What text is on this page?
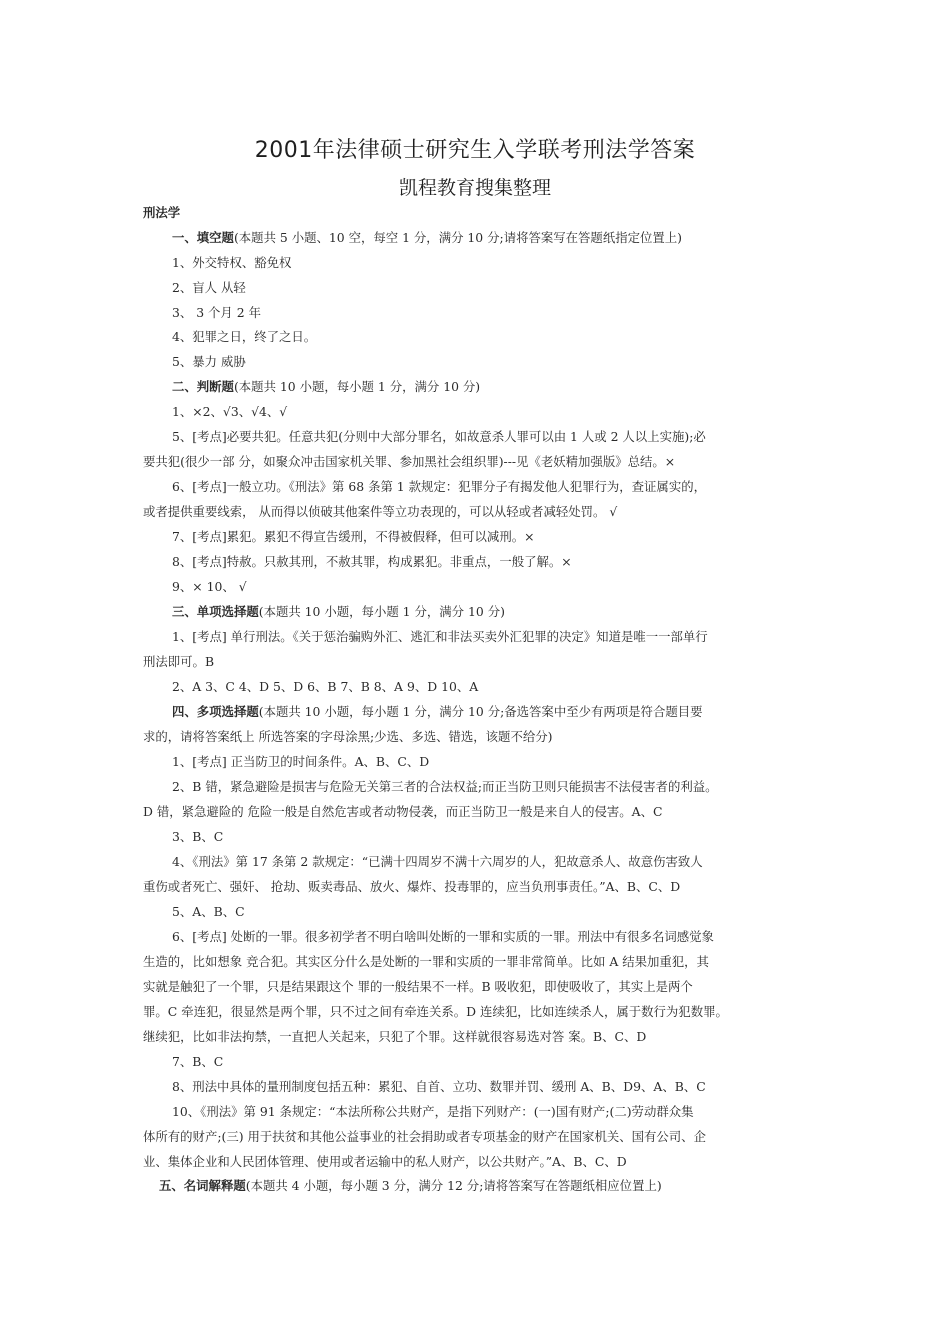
2001年法律硕士研究生入学联考刑法学答案
凯程教育搜集整理
刑法学
一、填空题(本题共 5 小题、10 空，每空 1 分，满分 10 分;请将答案写在答题纸指定位置上)
1、外交特权、豁免权
2、盲人 从轻
3、 3 个月 2 年
4、犯罪之日，终了之日。
5、暴力 威胁
二、判断题(本题共 10 小题，每小题 1 分，满分 10 分)
1、×2、√3、√4、√
5、[考点]必要共犯。任意共犯(分则中大部分罪名，如故意杀人罪可以由 1 人或 2 人以上实施);必
要共犯(很少一部 分，如聚众冲击国家机关罪、参加黑社会组织罪)---见《老妖精加强版》总结。×
6、[考点]一般立功。《刑法》第 68 条第 1 款规定：犯罪分子有揭发他人犯罪行为，查证属实的，
或者提供重要线索， 从而得以侦破其他案件等立功表现的，可以从轻或者减轻处罚。 √
7、[考点]累犯。累犯不得宣告缓刑，不得被假释，但可以减刑。×
8、[考点]特赦。只赦其刑，不赦其罪，构成累犯。非重点，一般了解。×
9、× 10、 √
三、单项选择题(本题共 10 小题，每小题 1 分，满分 10 分)
1、[考点] 单行刑法。《关于惩治骗购外汇、逃汇和非法买卖外汇犯罪的决定》知道是唯一一部单行
刑法即可。B
2、A 3、C 4、D 5、D 6、B 7、B 8、A 9、D 10、A
四、多项选择题(本题共 10 小题，每小题 1 分，满分 10 分;备选答案中至少有两项是符合题目要
求的，请将答案纸上 所选答案的字母涂黑;少选、多选、错选，该题不给分)
1、[考点] 正当防卫的时间条件。A、B、C、D
2、B 错，紧急避险是损害与危险无关第三者的合法权益;而正当防卫则只能损害不法侵害者的利益。
D 错，紧急避险的 危险一般是自然危害或者动物侵袭，而正当防卫一般是来自人的侵害。A、C
3、B、C
4、《刑法》第 17 条第 2 款规定：“已满十四周岁不满十六周岁的人，犯故意杀人、故意伤害致人
重伤或者死亡、强奸、 抢劫、贩卖毒品、放火、爆炸、投毒罪的，应当负刑事责任。”A、B、C、D
5、A、B、C
6、[考点] 处断的一罪。很多初学者不明白啥叫处断的一罪和实质的一罪。刑法中有很多名词感觉象
生造的，比如想象 竞合犯。其实区分什么是处断的一罪和实质的一罪非常简单。比如 A 结果加重犯，其
实就是触犯了一个罪，只是结果跟这个 罪的一般结果不一样。B 吸收犯，即使吸收了，其实上是两个
罪。C 牵连犯，很显然是两个罪，只不过之间有牵连关系。D 连续犯，比如连续杀人，属于数行为犯数罪。
继续犯，比如非法拘禁，一直把人关起来，只犯了个罪。这样就很容易选对答 案。B、C、D
7、B、C
8、刑法中具体的量刑制度包括五种：累犯、自首、立功、数罪并罚、缓刑 A、B、D9、A、B、C
10、《刑法》第 91 条规定：“本法所称公共财产，是指下列财产：(一)国有财产;(二)劳动群众集
体所有的财产;(三) 用于扶贫和其他公益事业的社会捐助或者专项基金的财产在国家机关、国有公司、企
业、集体企业和人民团体管理、使用或者运输中的私人财产，以公共财产。”A、B、C、D
五、名词解释题(本题共 4 小题，每小题 3 分，满分 12 分;请将答案写在答题纸相应位置上)
